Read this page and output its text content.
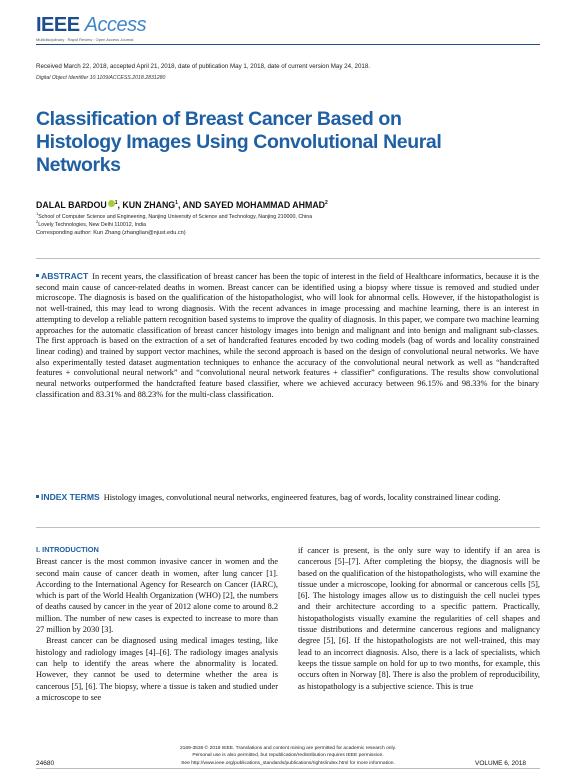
IEEE Access
Multidisciplinary : Rapid Review : Open Access Journal
Received March 22, 2018, accepted April 21, 2018, date of publication May 1, 2018, date of current version May 24, 2018.
Digital Object Identifier 10.1109/ACCESS.2018.2831280
Classification of Breast Cancer Based on Histology Images Using Convolutional Neural Networks
DALAL BARDOU $^1$, KUN ZHANG$^1$, AND SAYED MOHAMMAD AHMAD$^2$
$^1$School of Computer Science and Engineering, Nanjing University of Science and Technology, Nanjing 210000, China
$^2$Lovely Technologies, New Delhi 110012, India
Corresponding author: Kun Zhang (zhanglian@njust.edu.cn)
ABSTRACT In recent years, the classification of breast cancer has been the topic of interest in the field of Healthcare informatics, because it is the second main cause of cancer-related deaths in women. Breast cancer can be identified using a biopsy where tissue is removed and studied under microscope. The diagnosis is based on the qualification of the histopathologist, who will look for abnormal cells. However, if the histopathologist is not well-trained, this may lead to wrong diagnosis. With the recent advances in image processing and machine learning, there is an interest in attempting to develop a reliable pattern recognition based systems to improve the quality of diagnosis. In this paper, we compare two machine learning approaches for the automatic classification of breast cancer histology images into benign and malignant and into benign and malignant sub-classes. The first approach is based on the extraction of a set of handcrafted features encoded by two coding models (bag of words and locality constrained linear coding) and trained by support vector machines, while the second approach is based on the design of convolutional neural networks. We have also experimentally tested dataset augmentation techniques to enhance the accuracy of the convolutional neural network as well as “handcrafted features + convolutional neural network” and “convolutional neural network features + classifier” configurations. The results show convolutional neural networks outperformed the handcrafted feature based classifier, where we achieved accuracy between 96.15% and 98.33% for the binary classification and 83.31% and 88.23% for the multi-class classification.
INDEX TERMS Histology images, convolutional neural networks, engineered features, bag of words, locality constrained linear coding.
I. INTRODUCTION
Breast cancer is the most common invasive cancer in women and the second main cause of cancer death in women, after lung cancer [1]. According to the International Agency for Research on Cancer (IARC), which is part of the World Health Organization (WHO) [2], the numbers of deaths caused by cancer in the year of 2012 alone come to around 8.2 million. The number of new cases is expected to increase to more than 27 million by 2030 [3].
Breast cancer can be diagnosed using medical images testing, like histology and radiology images [4]–[6]. The radiology images analysis can help to identify the areas where the abnormality is located. However, they cannot be used to determine whether the area is cancerous [5], [6]. The biopsy, where a tissue is taken and studied under a microscope to see
if cancer is present, is the only sure way to identify if an area is cancerous [5]–[7]. After completing the biopsy, the diagnosis will be based on the qualification of the histopathologists, who will examine the tissue under a microscope, looking for abnormal or cancerous cells [5], [6]. The histology images allow us to distinguish the cell nuclei types and their architecture according to a specific pattern. Practically, histopathologists visually examine the regularities of cell shapes and tissue distributions and determine cancerous regions and malignancy degree [5], [6]. If the histopathologists are not well-trained, this may lead to an incorrect diagnosis. Also, there is a lack of specialists, which keeps the tissue sample on hold for up to two months, for example, this occurs often in Norway [8]. There is also the problem of reproducibility, as histopathology is a subjective science. This is true
24680	VOLUME 6, 2018
2169-3536 © 2018 IEEE. Translations and content mining are permitted for academic research only.
Personal use is also permitted, but republication/redistribution requires IEEE permission.
See http://www.ieee.org/publications_standards/publications/rights/index.html for more information.
